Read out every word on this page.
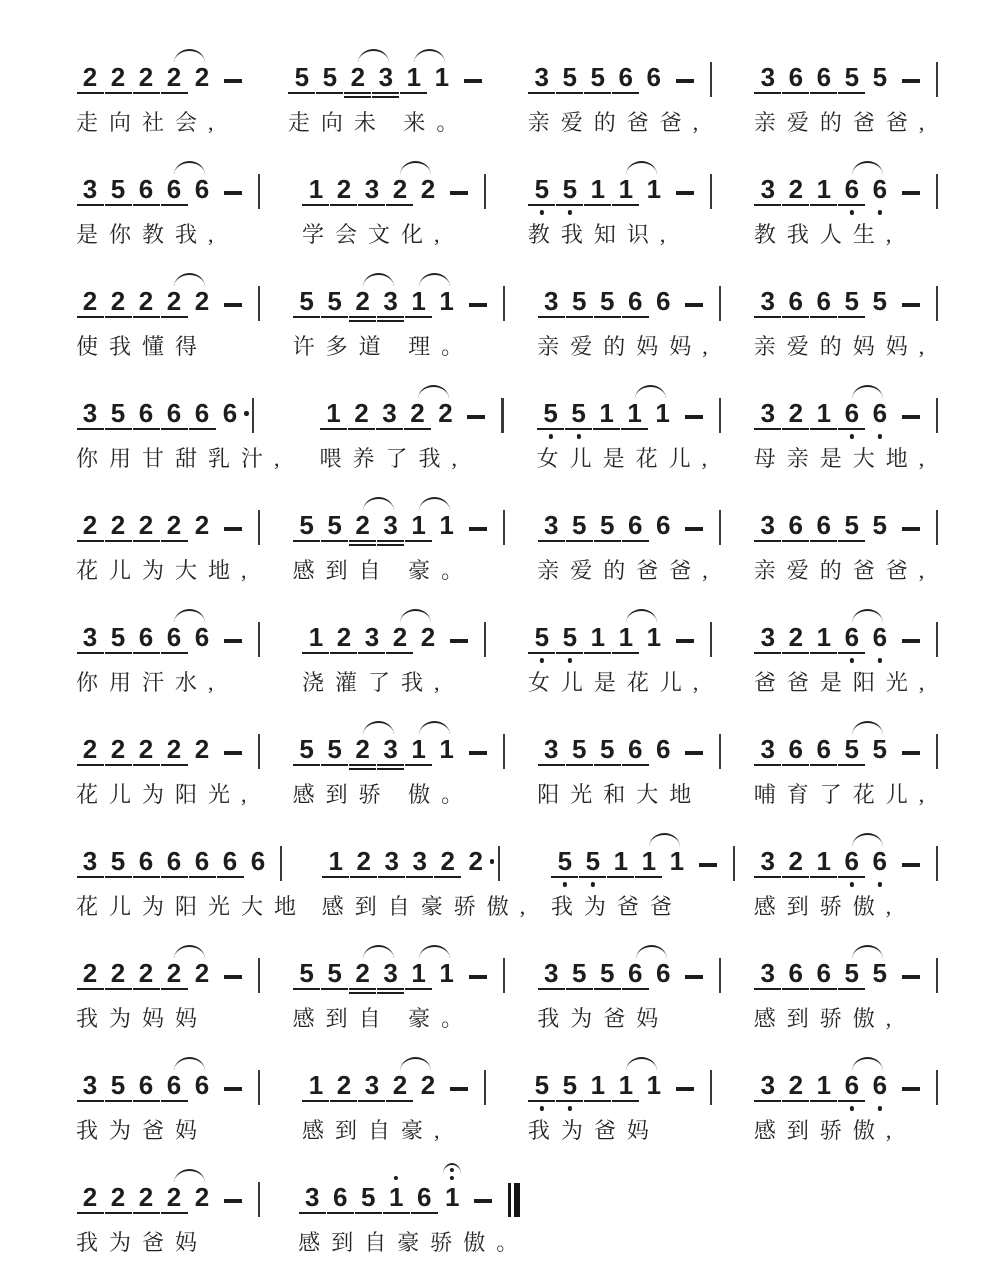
2 2 2 2 2
走向社会,
5 5 2 3 1 1
走向未 来。
3 5 5 6 6
亲爱的爸爸,
3 6 6 5 5
亲爱的爸爸,
3 5 6 6 6
是你教我,
1 2 3 2 2
学会文化,
5 5 1 1 1
教我知识,
3 2 1 6 6
教我人生,
2 2 2 2 2
使我懂得
5 5 2 3 1 1
许多道 理。
3 5 5 6 6
亲爱的妈妈,
3 6 6 5 5
亲爱的妈妈,
3 5 6 6 6 6
你用甘甜乳汁,
1 2 3 2 2
喂养了我,
5 5 1 1 1
女儿是花儿,
3 2 1 6 6
母亲是大地,
2 2 2 2 2
花儿为大地,
5 5 2 3 1 1
感到自 豪。
3 5 5 6 6
亲爱的爸爸,
3 6 6 5 5
亲爱的爸爸,
3 5 6 6 6
你用汗水,
1 2 3 2 2
浇灌了我,
5 5 1 1 1
女儿是花儿,
3 2 1 6 6
爸爸是阳光,
2 2 2 2 2
花儿为阳光,
5 5 2 3 1 1
感到骄 傲。
3 5 5 6 6
阳光和大地
3 6 6 5 5
哺育了花儿,
3 5 6 6 6 6 6
花儿为阳光大地
1 2 3 3 2 2
感到自豪骄傲,
5 5 1 1 1
我为爸爸
3 2 1 6 6
感到骄傲,
2 2 2 2 2
我为妈妈
5 5 2 3 1 1
感到自 豪。
3 5 5 6 6
我为爸妈
3 6 6 5 5
感到骄傲,
3 5 6 6 6
我为爸妈
1 2 3 2 2
感到自豪,
5 5 1 1 1
我为爸妈
3 2 1 6 6
感到骄傲,
2 2 2 2 2
我为爸妈
3 6 5 1 6 1
感到自豪骄傲。
